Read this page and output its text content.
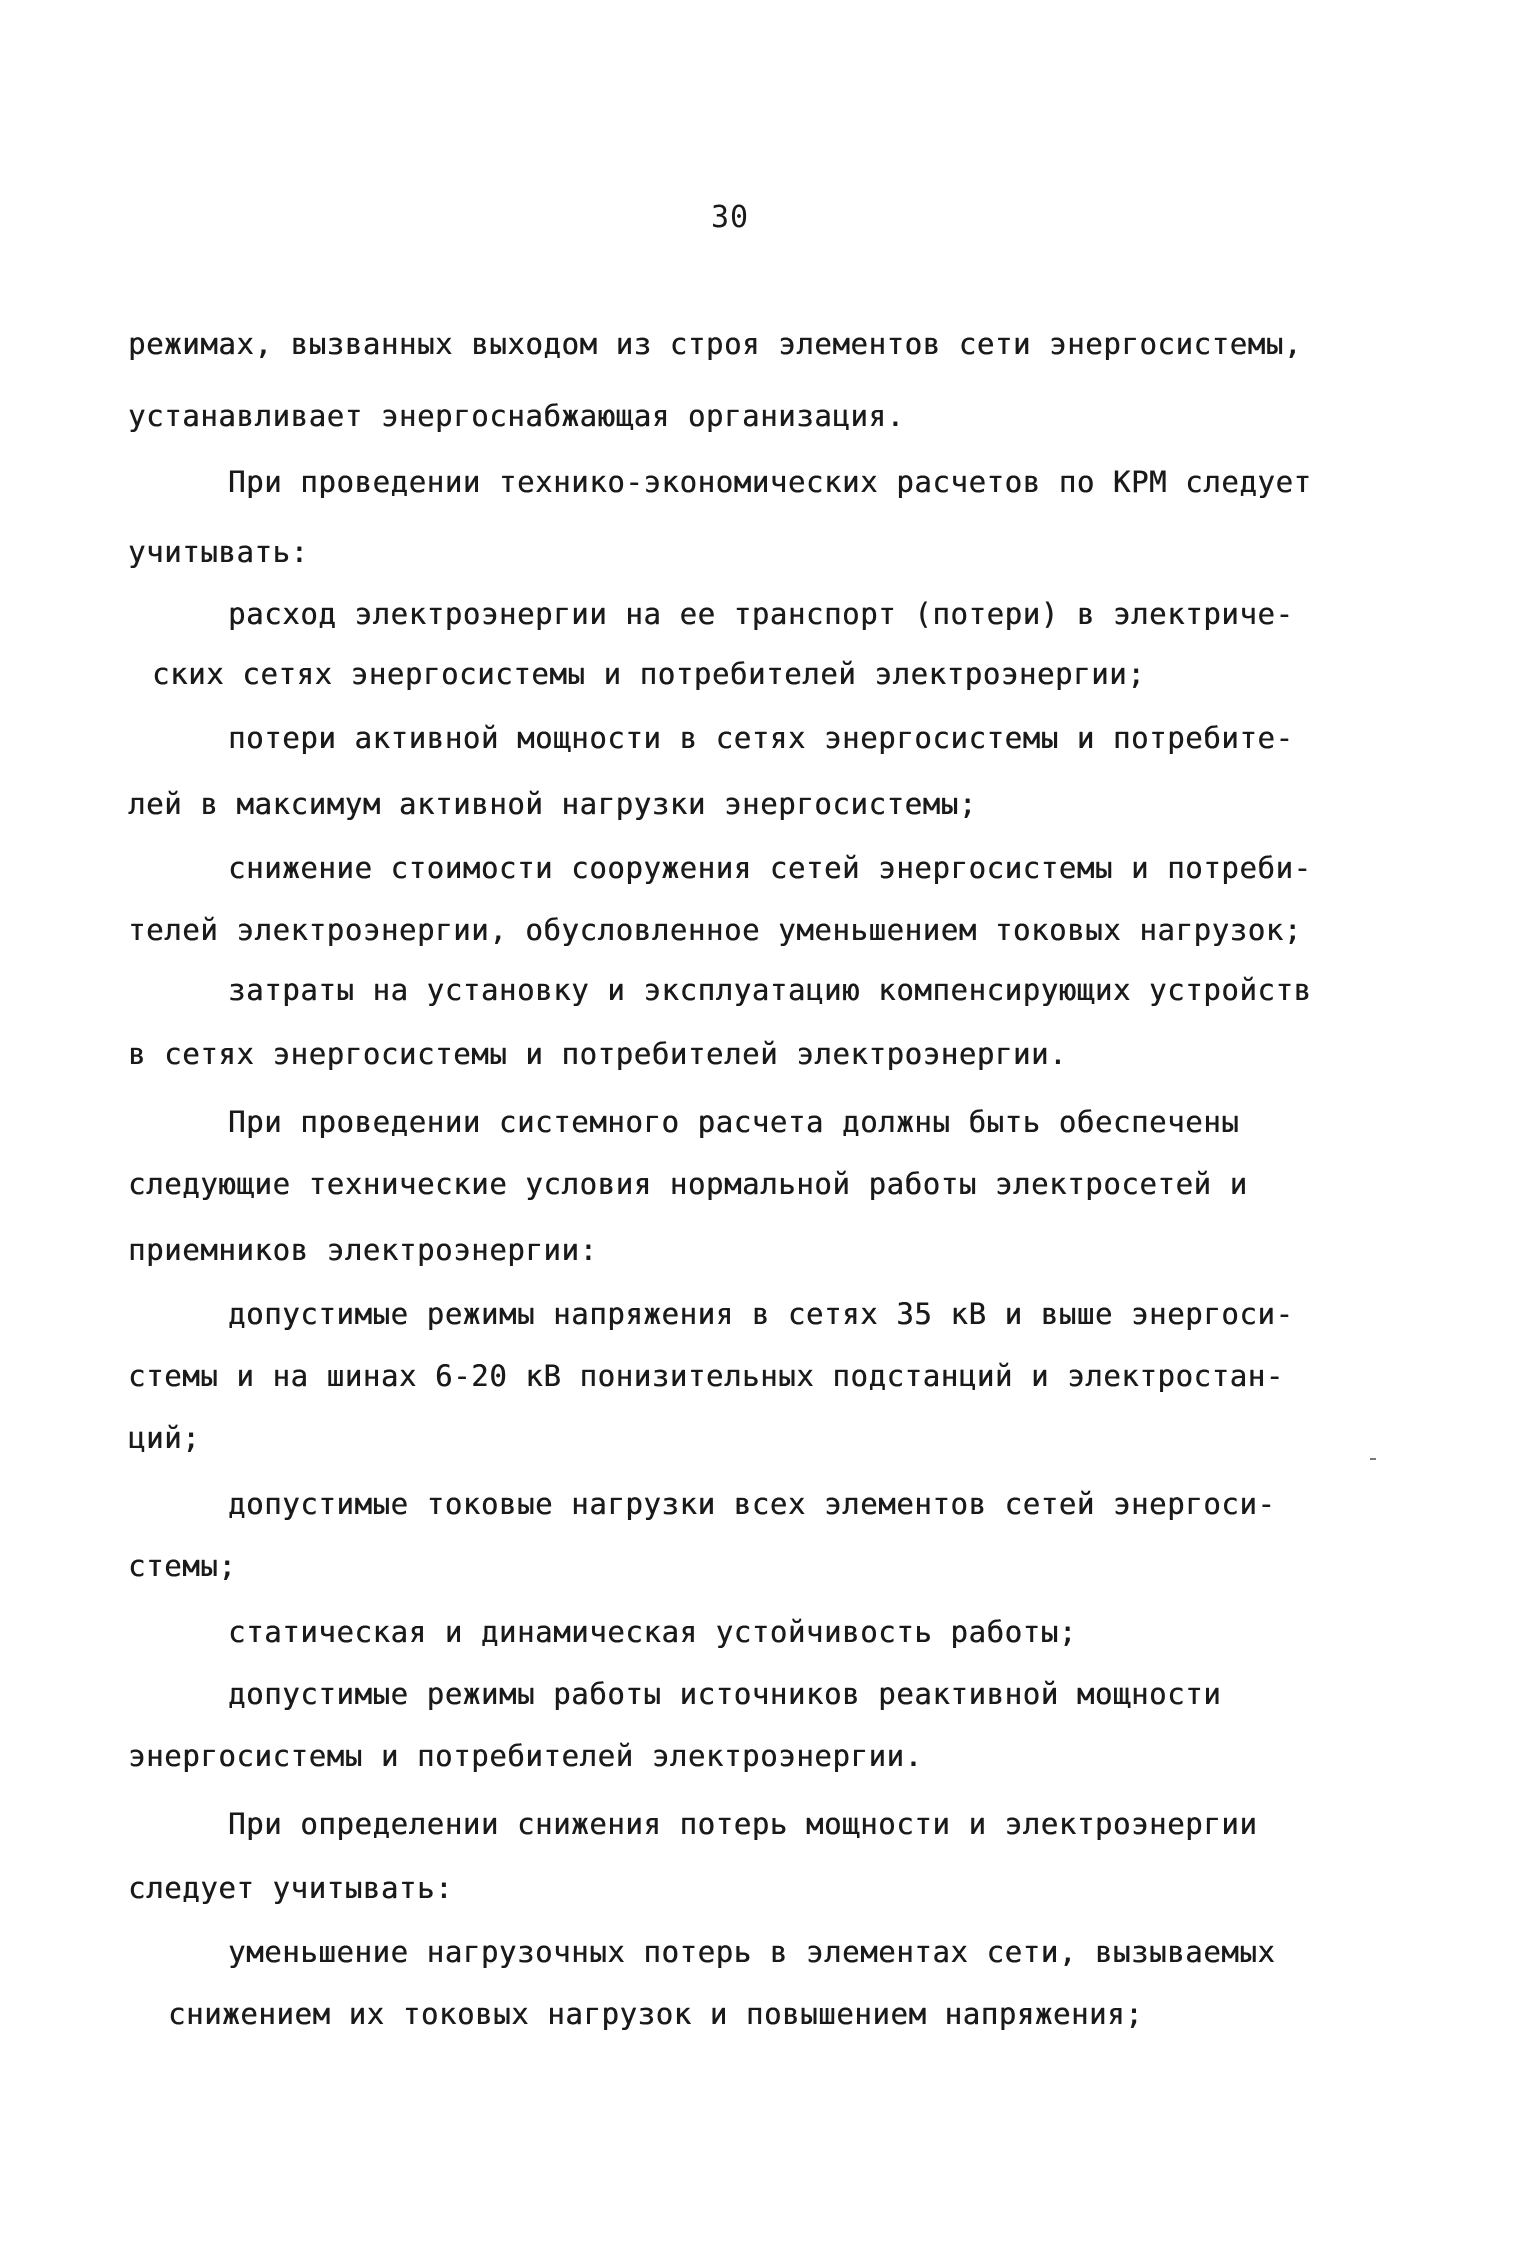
30
режимах, вызванных выходом из строя элементов сети энергосистемы,
устанавливает энергоснабжающая организация.
При проведении технико-экономических расчетов по КРМ следует
учитывать:
расход электроэнергии на ее транспорт (потери) в электриче-
ских сетях энергосистемы и потребителей электроэнергии;
потери активной мощности в сетях энергосистемы и потребите-
лей в максимум активной нагрузки энергосистемы;
снижение стоимости сооружения сетей энергосистемы и потреби-
телей электроэнергии, обусловленное уменьшением токовых нагрузок;
затраты на установку и эксплуатацию компенсирующих устройств
в сетях энергосистемы и потребителей электроэнергии.
При проведении системного расчета должны быть обеспечены
следующие технические условия нормальной работы электросетей и
приемников электроэнергии:
допустимые режимы напряжения в сетях 35 кВ и выше энергоси-
стемы и на шинах 6-20 кВ понизительных подстанций и электростан-
ций;
допустимые токовые нагрузки всех элементов сетей энергоси-
стемы;
статическая и динамическая устойчивость работы;
допустимые режимы работы источников реактивной мощности
энергосистемы и потребителей электроэнергии.
При определении снижения потерь мощности и электроэнергии
следует учитывать:
уменьшение нагрузочных потерь в элементах сети, вызываемых
снижением их токовых нагрузок и повышением напряжения;
